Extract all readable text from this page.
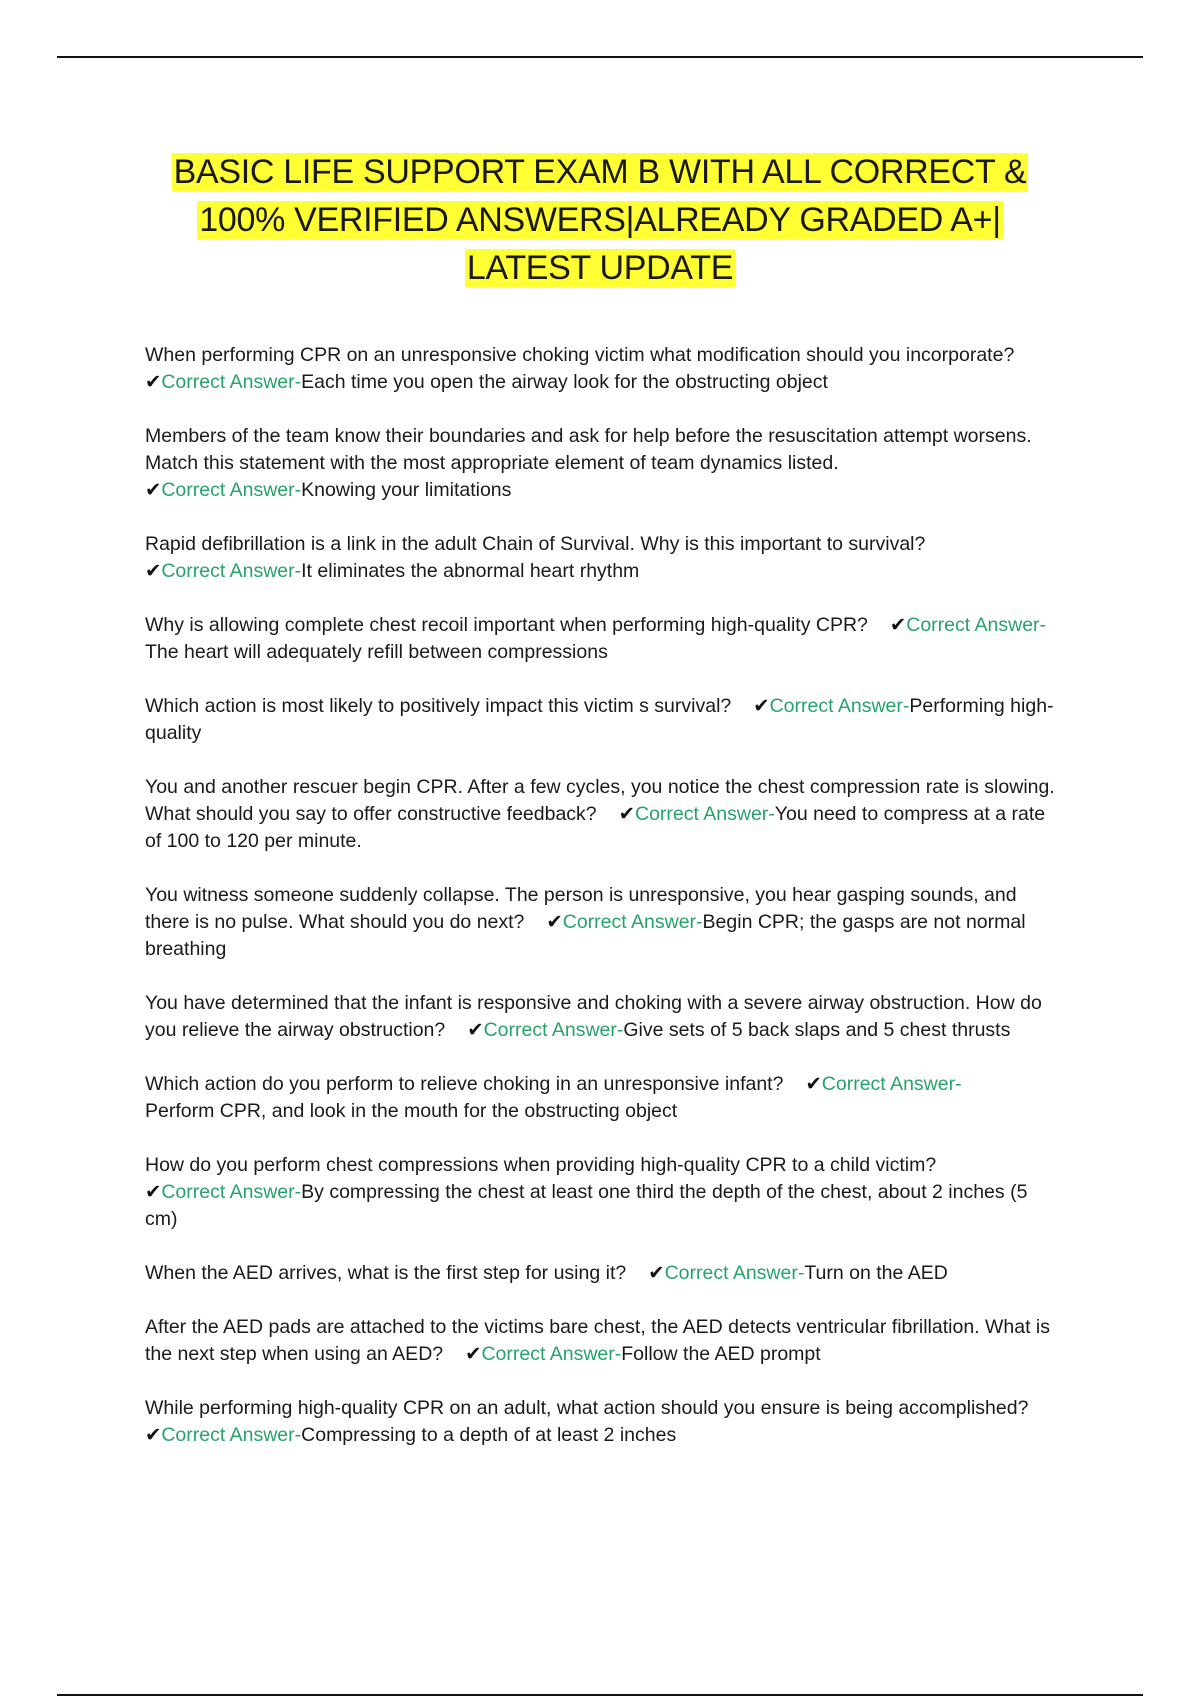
BASIC LIFE SUPPORT EXAM B WITH ALL CORRECT &
100% VERIFIED ANSWERS|ALREADY GRADED A+|
LATEST UPDATE
When performing CPR on an unresponsive choking victim what modification should you incorporate?
✔Correct Answer-Each time you open the airway look for the obstructing object
Members of the team know their boundaries and ask for help before the resuscitation attempt worsens. Match this statement with the most appropriate element of team dynamics listed.
✔Correct Answer-Knowing your limitations
Rapid defibrillation is a link in the adult Chain of Survival. Why is this important to survival?
✔Correct Answer-It eliminates the abnormal heart rhythm
Why is allowing complete chest recoil important when performing high-quality CPR? ✔Correct Answer-The heart will adequately refill between compressions
Which action is most likely to positively impact this victim s survival? ✔Correct Answer-Performing high-quality
You and another rescuer begin CPR. After a few cycles, you notice the chest compression rate is slowing. What should you say to offer constructive feedback? ✔Correct Answer-You need to compress at a rate of 100 to 120 per minute.
You witness someone suddenly collapse. The person is unresponsive, you hear gasping sounds, and there is no pulse. What should you do next? ✔Correct Answer-Begin CPR; the gasps are not normal breathing
You have determined that the infant is responsive and choking with a severe airway obstruction. How do you relieve the airway obstruction? ✔Correct Answer-Give sets of 5 back slaps and 5 chest thrusts
Which action do you perform to relieve choking in an unresponsive infant? ✔Correct Answer-
Perform CPR, and look in the mouth for the obstructing object
How do you perform chest compressions when providing high-quality CPR to a child victim?
✔Correct Answer-By compressing the chest at least one third the depth of the chest, about 2 inches (5 cm)
When the AED arrives, what is the first step for using it? ✔Correct Answer-Turn on the AED
After the AED pads are attached to the victims bare chest, the AED detects ventricular fibrillation. What is the next step when using an AED? ✔Correct Answer-Follow the AED prompt
While performing high-quality CPR on an adult, what action should you ensure is being accomplished?✔Correct Answer-Compressing to a depth of at least 2 inches
